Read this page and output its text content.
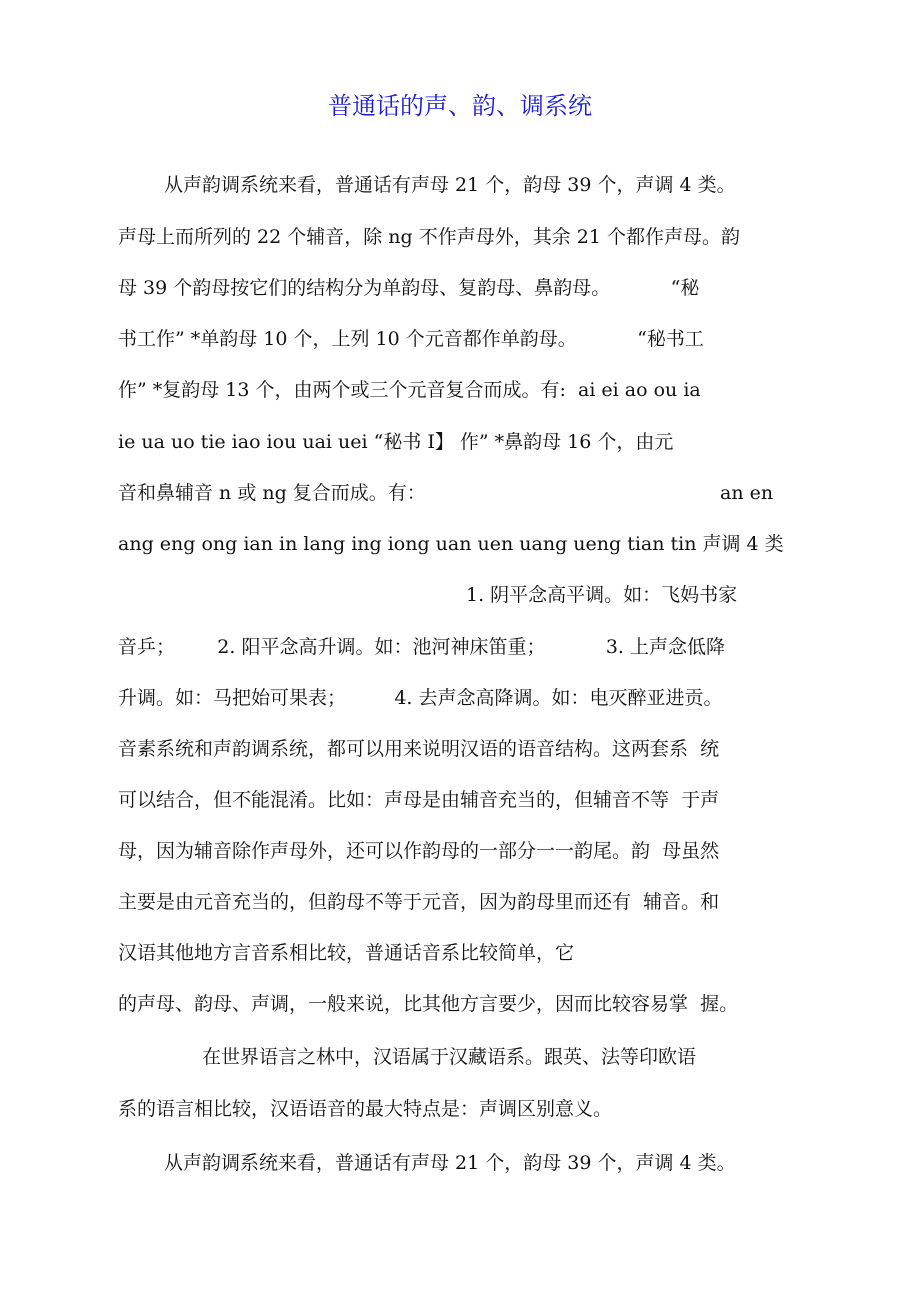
普通话的声、韵、调系统

从声韵调系统来看，普通话有声母 21 个，韵母 39 个，声调 4 类。

声母上而所列的 22 个辅音，除 ng 不作声母外，其余 21 个都作声母。韵

母 39 个韵母按它们的结构分为单韵母、复韵母、鼻韵母。          “秘

书工作” *单韵母 10 个，上列 10 个元音都作单韵母。          “秘书工

作” *复韵母 13 个，由两个或三个元音复合而成。有:  ai ei ao ou ia

ie ua uo tie iao iou uai uei “秘书 I】 作” *鼻韵母 16 个，由元

音和鼻辅音 n 或 ng 复合而成。有：	an en

ang eng ong ian in lang ing iong uan uen uang ueng tian tin 声调 4 类

1. 阴平念高平调。如：飞妈书家

音乒；       2. 阳平念高升调。如：池河神床笛重；          3. 上声念低降

升调。如：马把始可果表；        4. 去声念高降调。如：电灭醉亚进贡。

音素系统和声韵调系统，都可以用来说明汉语的语音结构。这两套系  统

可以结合，但不能混淆。比如：声母是由辅音充当的，但辅音不等  于声

母，因为辅音除作声母外，还可以作韵母的一部分一一韵尾。韵  母虽然

主要是由元音充当的，但韵母不等于元音，因为韵母里而还有  辅音。和

汉语其他地方言音系相比较，普通话音系比较简单，它

的声母、韵母、声调，一般来说，比其他方言要少，因而比较容易掌  握。

在世界语言之林中，汉语属于汉藏语系。跟英、法等印欧语

系的语言相比较，汉语语音的最大特点是：声调区别意义。

从声韵调系统来看，普通话有声母 21 个，韵母 39 个，声调 4 类。
